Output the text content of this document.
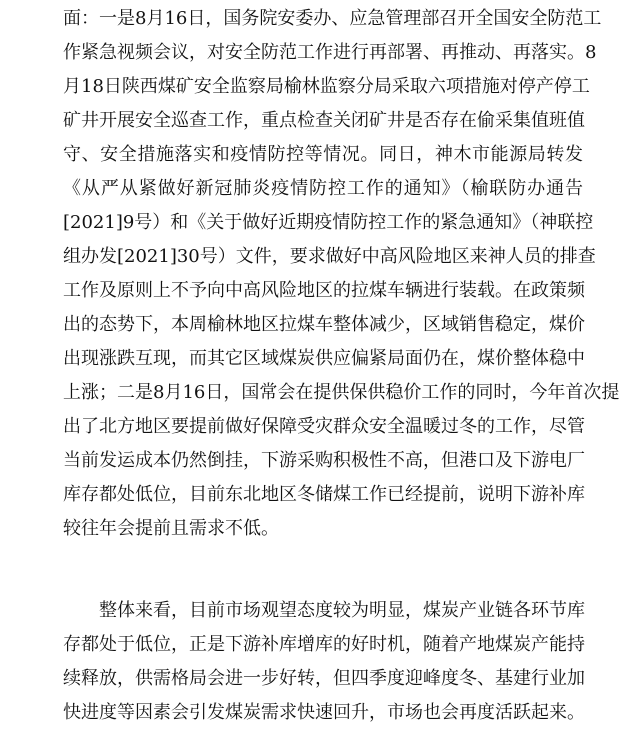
面：一是8月16日，国务院安委办、应急管理部召开全国安全防范工
作紧急视频会议，对安全防范工作进行再部署、再推动、再落实。8
月18日陕西煤矿安全监察局榆林监察分局采取六项措施对停产停工
矿井开展安全巡查工作，重点检查关闭矿井是否存在偷采集值班值
守、安全措施落实和疫情防控等情况。同日，神木市能源局转发
《从严从紧做好新冠肺炎疫情防控工作的通知》（榆联防办通告
[2021]9号）和《关于做好近期疫情防控工作的紧急通知》（神联控
组办发[2021]30号）文件，要求做好中高风险地区来神人员的排查
工作及原则上不予向中高风险地区的拉煤车辆进行装载。在政策频
出的态势下，本周榆林地区拉煤车整体减少，区域销售稳定，煤价
出现涨跌互现，而其它区域煤炭供应偏紧局面仍在，煤价整体稳中
上涨；二是8月16日，国常会在提供保供稳价工作的同时，今年首次提
出了北方地区要提前做好保障受灾群众安全温暖过冬的工作，尽管
当前发运成本仍然倒挂，下游采购积极性不高，但港口及下游电厂
库存都处低位，目前东北地区冬储煤工作已经提前，说明下游补库
较往年会提前且需求不低。
整体来看，目前市场观望态度较为明显，煤炭产业链各环节库
存都处于低位，正是下游补库增库的好时机，随着产地煤炭产能持
续释放，供需格局会进一步好转，但四季度迎峰度冬、基建行业加
快进度等因素会引发煤炭需求快速回升，市场也会再度活跃起来。
